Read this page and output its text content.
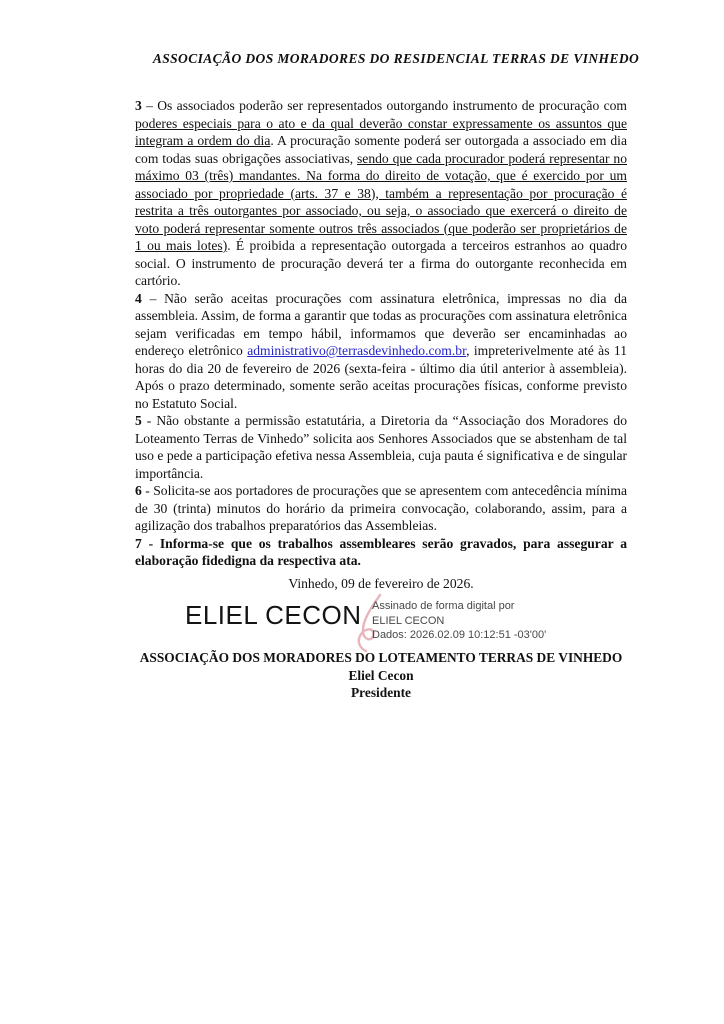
ASSOCIAÇÃO DOS MORADORES DO RESIDENCIAL TERRAS DE VINHEDO

3 – Os associados poderão ser representados outorgando instrumento de procuração com poderes especiais para o ato e da qual deverão constar expressamente os assuntos que integram a ordem do dia. A procuração somente poderá ser outorgada a associado em dia com todas suas obrigações associativas, sendo que cada procurador poderá representar no máximo 03 (três) mandantes. Na forma do direito de votação, que é exercido por um associado por propriedade (arts. 37 e 38), também a representação por procuração é restrita a três outorgantes por associado, ou seja, o associado que exercerá o direito de voto poderá representar somente outros três associados (que poderão ser proprietários de 1 ou mais lotes). É proibida a representação outorgada a terceiros estranhos ao quadro social. O instrumento de procuração deverá ter a firma do outorgante reconhecida em cartório.

4 – Não serão aceitas procurações com assinatura eletrônica, impressas no dia da assembleia. Assim, de forma a garantir que todas as procurações com assinatura eletrônica sejam verificadas em tempo hábil, informamos que deverão ser encaminhadas ao endereço eletrônico administrativo@terrasdevinhedo.com.br, impreterivelmente até às 11 horas do dia 20 de fevereiro de 2026 (sexta-feira - último dia útil anterior à assembleia). Após o prazo determinado, somente serão aceitas procurações físicas, conforme previsto no Estatuto Social.

5 - Não obstante a permissão estatutária, a Diretoria da “Associação dos Moradores do Loteamento Terras de Vinhedo” solicita aos Senhores Associados que se abstenham de tal uso e pede a participação efetiva nessa Assembleia, cuja pauta é significativa e de singular importância.

6 - Solicita-se aos portadores de procurações que se apresentem com antecedência mínima de 30 (trinta) minutos do horário da primeira convocação, colaborando, assim, para a agilização dos trabalhos preparatórios das Assembleias.

7 - Informa-se que os trabalhos assembleares serão gravados, para assegurar a elaboração fidedigna da respectiva ata.

Vinhedo, 09 de fevereiro de 2026.
ELIEL CECON Assinado de forma digital por
ELIEL CECON
Dados: 2026.02.09 10:12:51 -03'00'
ASSOCIAÇÃO DOS MORADORES DO LOTEAMENTO TERRAS DE VINHEDO
Eliel Cecon
Presidente
